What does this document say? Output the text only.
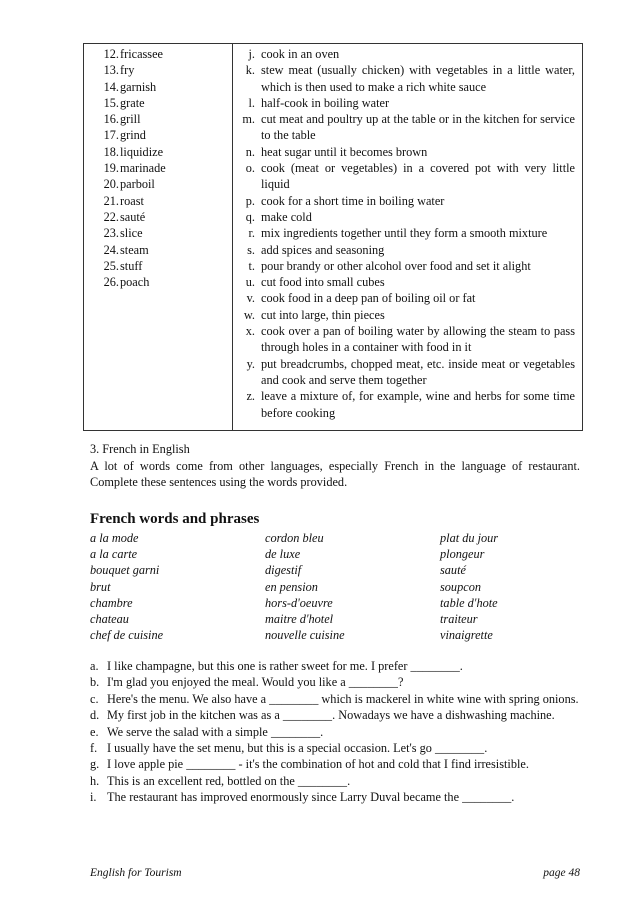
12. fricassee
13. fry
14. garnish
15. grate
16. grill
17. grind
18. liquidize
19. marinade
20. parboil
21. roast
22. sauté
23. slice
24. steam
25. stuff
26. poach
j. cook in an oven
k. stew meat (usually chicken) with vegetables in a little water, which is then used to make a rich white sauce
l. half-cook in boiling water
m. cut meat and poultry up at the table or in the kitchen for service to the table
n. heat sugar until it becomes brown
o. cook (meat or vegetables) in a covered pot with very little liquid
p. cook for a short time in boiling water
q. make cold
r. mix ingredients together until they form a smooth mixture
s. add spices and seasoning
t. pour brandy or other alcohol over food and set it alight
u. cut food into small cubes
v. cook food in a deep pan of boiling oil or fat
w. cut into large, thin pieces
x. cook over a pan of boiling water by allowing the steam to pass through holes in a container with food in it
y. put breadcrumbs, chopped meat, etc. inside meat or vegetables and cook and serve them together
z. leave a mixture of, for example, wine and herbs for some time before cooking
3. French in English
A lot of words come from other languages, especially French in the language of restaurant. Complete these sentences using the words provided.
French words and phrases
a la mode	cordon bleu	plat du jour
a la carte	de luxe	plongeur
bouquet garni	digestif	sauté
brut	en pension	soupcon
chambre	hors-d'oeuvre	table d'hote
chateau	maitre d'hotel	traiteur
chef de cuisine	nouvelle cuisine	vinaigrette
a. I like champagne, but this one is rather sweet for me. I prefer ________.
b. I'm glad you enjoyed the meal. Would you like a ________?
c. Here's the menu. We also have a ________ which is mackerel in white wine with spring onions.
d. My first job in the kitchen was as a ________. Nowadays we have a dishwashing machine.
e. We serve the salad with a simple ________.
f. I usually have the set menu, but this is a special occasion. Let's go ________.
g. I love apple pie ________ - it's the combination of hot and cold that I find irresistible.
h. This is an excellent red, bottled on the ________.
i. The restaurant has improved enormously since Larry Duval became the ________.
English for Tourism	page 48
